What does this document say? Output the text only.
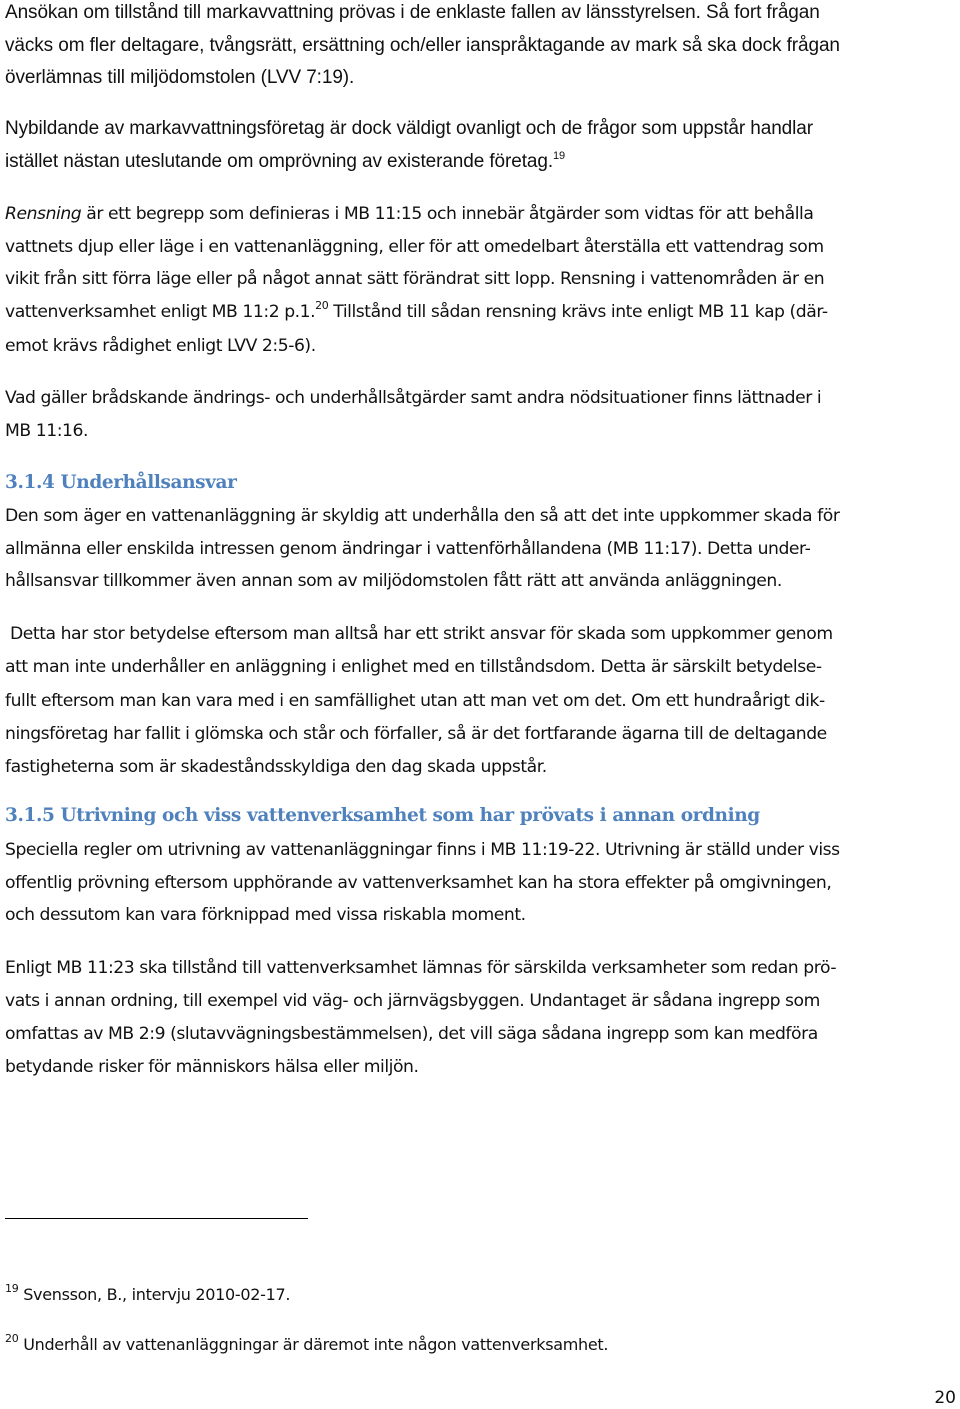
Ansökan om tillstånd till markavvattning prövas i de enklaste fallen av länsstyrelsen. Så fort frågan
väcks om fler deltagare, tvångsrätt, ersättning och/eller ianspråktagande av mark så ska dock frågan
överlämnas till miljödomstolen (LVV 7:19).
Nybildande av markavvattningsföretag är dock väldigt ovanligt och de frågor som uppstår handlar
istället nästan uteslutande om omprövning av existerande företag.$^{19}$
Rensning är ett begrepp som definieras i MB 11:15 och innebär åtgärder som vidtas för att behålla
vattnets djup eller läge i en vattenanläggning, eller för att omedelbart återställa ett vattendrag som
vikit från sitt förra läge eller på något annat sätt förändrat sitt lopp. Rensning i vattenområden är en
vattenverksamhet enligt MB 11:2 p.1.20 Tillstånd till sådan rensning krävs inte enligt MB 11 kap (där-
emot krävs rådighet enligt LVV 2:5-6).
Vad gäller brådskande ändrings- och underhållsåtgärder samt andra nödsituationer finns lättnader i
MB 11:16.
3.1.4 Underhållsansvar
Den som äger en vattenanläggning är skyldig att underhålla den så att det inte uppkommer skada för
allmänna eller enskilda intressen genom ändringar i vattenförhållandena (MB 11:17). Detta under-
hållsansvar tillkommer även annan som av miljödomstolen fått rätt att använda anläggningen.
Detta har stor betydelse eftersom man alltså har ett strikt ansvar för skada som uppkommer genom
att man inte underhåller en anläggning i enlighet med en tillståndsdom. Detta är särskilt betydelse-
fullt eftersom man kan vara med i en samfällighet utan att man vet om det. Om ett hundraårigt dik-
ningsföretag har fallit i glömska och står och förfaller, så är det fortfarande ägarna till de deltagande
fastigheterna som är skadeståndsskyldiga den dag skada uppstår.
3.1.5 Utrivning och viss vattenverksamhet som har prövats i annan ordning
Speciella regler om utrivning av vattenanläggningar finns i MB 11:19-22. Utrivning är ställd under viss
offentlig prövning eftersom upphörande av vattenverksamhet kan ha stora effekter på omgivningen,
och dessutom kan vara förknippad med vissa riskabla moment.
Enligt MB 11:23 ska tillstånd till vattenverksamhet lämnas för särskilda verksamheter som redan prö-
vats i annan ordning, till exempel vid väg- och järnvägsbyggen. Undantaget är sådana ingrepp som
omfattas av MB 2:9 (slutavvägningsbestämmelsen), det vill säga sådana ingrepp som kan medföra
betydande risker för människors hälsa eller miljön.
$^{19}$ Svensson, B., intervju 2010-02-17.
$^{20}$ Underhåll av vattenanläggningar är däremot inte någon vattenverksamhet.
20
